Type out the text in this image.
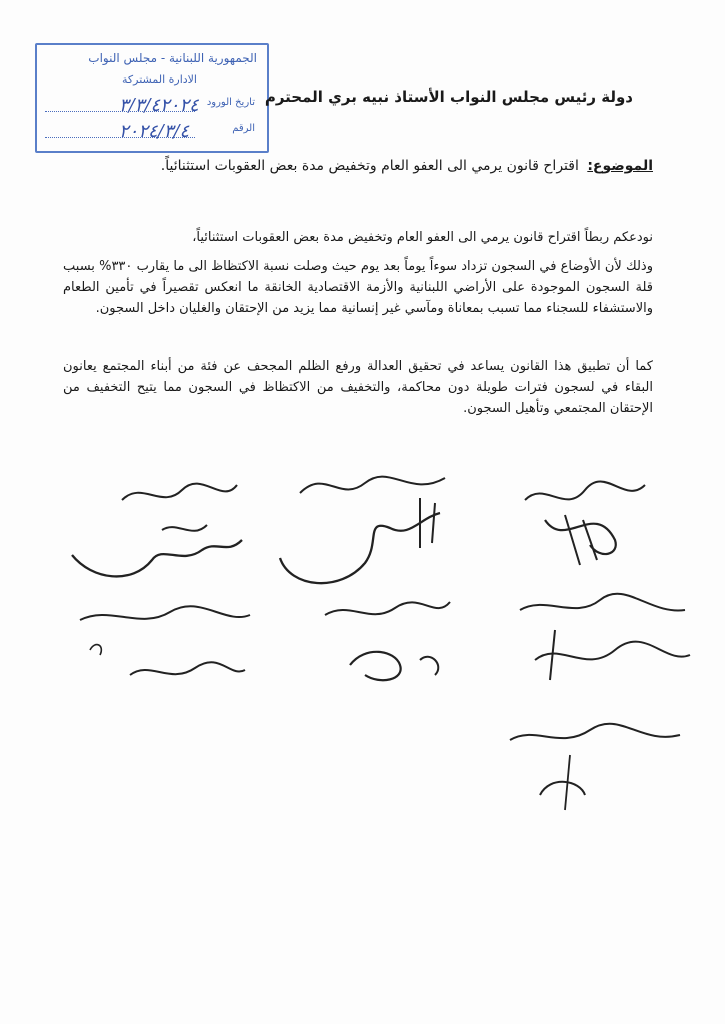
الجمهورية اللبنانية - مجلس النواب
الادارة المشتركة
تاريخ الورود
٣/٣/٤٢٠٢٤
الرقم
٢٠٢٤/٣/٤
دولة رئيس مجلس النواب الأستاذ نبيه بري المحترم
الموضوع: اقتراح قانون يرمي الى العفو العام وتخفيض مدة بعض العقوبات استثنائياً.
نودعكم ربطاً اقتراح قانون يرمي الى العفو العام وتخفيض مدة بعض العقوبات استثنائياً،
وذلك لأن الأوضاع في السجون تزداد سوءاً يوماً بعد يوم حيث وصلت نسبة الاكتظاظ الى ما يقارب ٣٣٠% بسبب قلة السجون الموجودة على الأراضي اللبنانية والأزمة الاقتصادية الخانقة ما انعكس تقصيراً في تأمين الطعام والاستشفاء للسجناء مما تسبب بمعاناة ومآسي غير إنسانية مما يزيد من الإحتقان والغليان داخل السجون.
كما أن تطبيق هذا القانون يساعد في تحقيق العدالة ورفع الظلم المجحف عن فئة من أبناء المجتمع يعانون البقاء في لسجون فترات طويلة دون محاكمة، والتخفيف من الاكتظاظ في السجون مما يتيح التخفيف من الإحتقان المجتمعي وتأهيل السجون.
